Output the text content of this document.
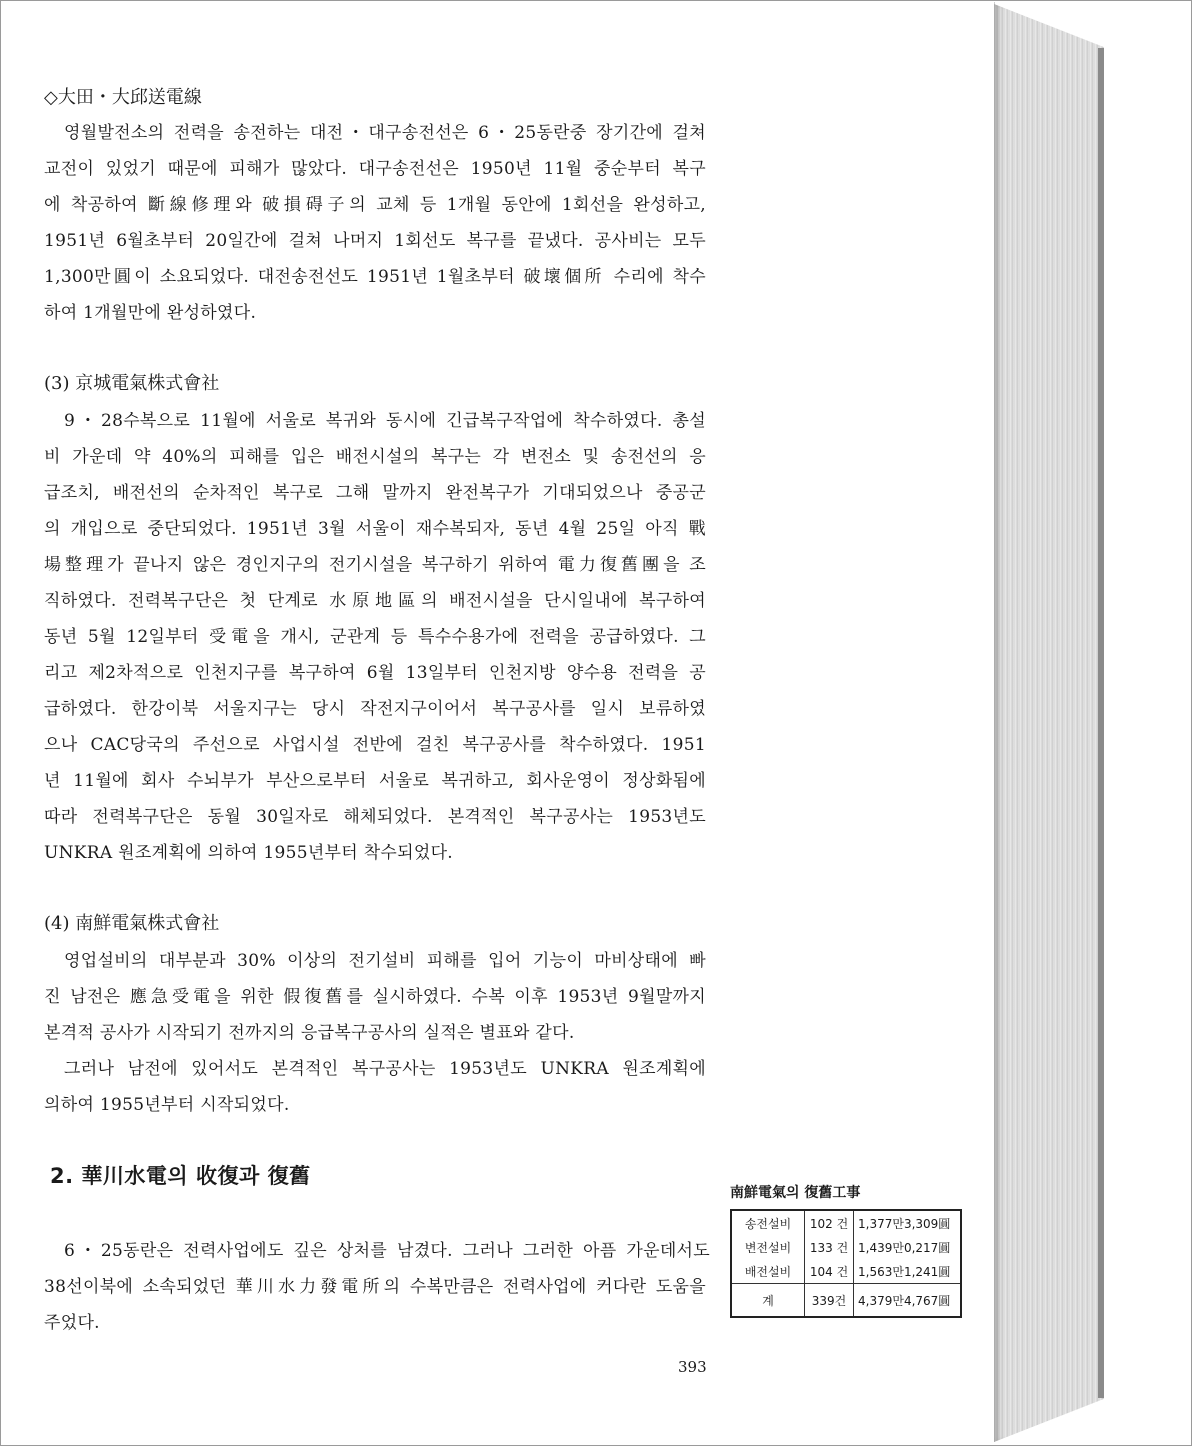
◇大田・大邱送電線
영월발전소의 전력을 송전하는 대전・대구송전선은 6・25동란중 장기간에 걸쳐
교전이 있었기 때문에 피해가 많았다. 대구송전선은 1950년 11월 중순부터 복구
에 착공하여 斷線修理와 破損碍子의 교체 등 1개월 동안에 1회선을 완성하고,
1951년 6월초부터 20일간에 걸쳐 나머지 1회선도 복구를 끝냈다. 공사비는 모두
1,300만圓이 소요되었다. 대전송전선도 1951년 1월초부터 破壞個所 수리에 착수
하여 1개월만에 완성하였다.
(3) 京城電氣株式會社
9・28수복으로 11월에 서울로 복귀와 동시에 긴급복구작업에 착수하였다. 총설
비 가운데 약 40%의 피해를 입은 배전시설의 복구는 각 변전소 및 송전선의 응
급조치, 배전선의 순차적인 복구로 그해 말까지 완전복구가 기대되었으나 중공군
의 개입으로 중단되었다. 1951년 3월 서울이 재수복되자, 동년 4월 25일 아직 戰
場整理가 끝나지 않은 경인지구의 전기시설을 복구하기 위하여 電力復舊團을 조
직하였다. 전력복구단은 첫 단계로 水原地區의 배전시설을 단시일내에 복구하여
동년 5월 12일부터 受電을 개시, 군관계 등 특수수용가에 전력을 공급하였다. 그
리고 제2차적으로 인천지구를 복구하여 6월 13일부터 인천지방 양수용 전력을 공
급하였다. 한강이북 서울지구는 당시 작전지구이어서 복구공사를 일시 보류하였
으나 CAC당국의 주선으로 사업시설 전반에 걸친 복구공사를 착수하였다. 1951
년 11월에 회사 수뇌부가 부산으로부터 서울로 복귀하고, 회사운영이 정상화됨에
따라 전력복구단은 동월 30일자로 해체되었다. 본격적인 복구공사는 1953년도
UNKRA 원조계획에 의하여 1955년부터 착수되었다.
(4) 南鮮電氣株式會社
영업설비의 대부분과 30% 이상의 전기설비 피해를 입어 기능이 마비상태에 빠
진 남전은 應急受電을 위한 假復舊를 실시하였다. 수복 이후 1953년 9월말까지
본격적 공사가 시작되기 전까지의 응급복구공사의 실적은 별표와 같다.
그러나 남전에 있어서도 본격적인 복구공사는 1953년도 UNKRA 원조계획에
의하여 1955년부터 시작되었다.
2. 華川水電의 收復과 復舊
6・25동란은 전력사업에도 깊은 상처를 남겼다. 그러나 그러한 아픔 가운데서도
38선이북에 소속되었던 華川水力發電所의 수복만큼은 전력사업에 커다란 도움을
주었다.
南鮮電氣의 復舊工事
송전설비	102 건	1,377만3,309圓
변전설비	133 건	1,439만0,217圓
배전설비	104 건	1,563만1,241圓
계	339건	4,379만4,767圓
393
